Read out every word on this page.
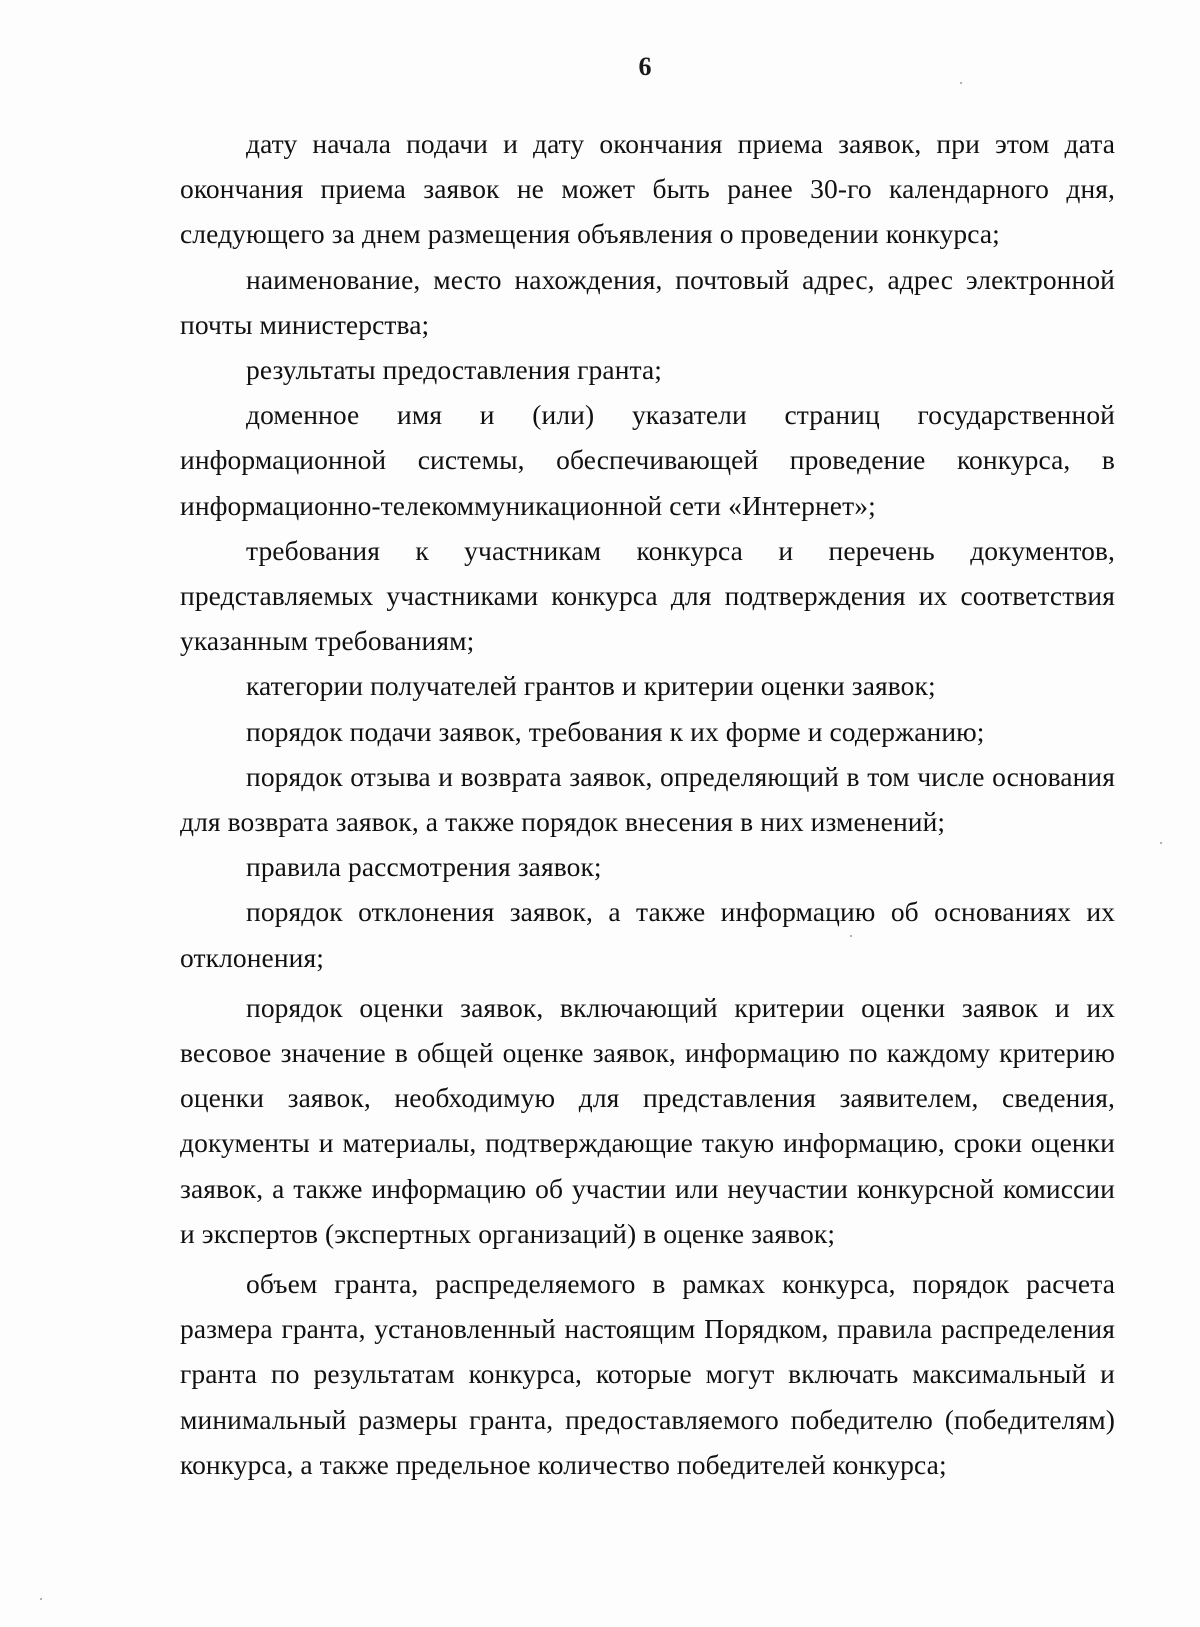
6

дату начала подачи и дату окончания приема заявок, при этом дата окончания приема заявок не может быть ранее 30-го календарного дня, следующего за днем размещения объявления о проведении конкурса;

наименование, место нахождения, почтовый адрес, адрес электронной почты министерства;

результаты предоставления гранта;

доменное имя и (или) указатели страниц государственной информационной системы, обеспечивающей проведение конкурса, в информационно-телекоммуникационной сети «Интернет»;

требования к участникам конкурса и перечень документов, представляемых участниками конкурса для подтверждения их соответствия указанным требованиям;

категории получателей грантов и критерии оценки заявок;

порядок подачи заявок, требования к их форме и содержанию;

порядок отзыва и возврата заявок, определяющий в том числе основания для возврата заявок, а также порядок внесения в них изменений;

правила рассмотрения заявок;

порядок отклонения заявок, а также информацию об основаниях их отклонения;

порядок оценки заявок, включающий критерии оценки заявок и их весовое значение в общей оценке заявок, информацию по каждому критерию оценки заявок, необходимую для представления заявителем, сведения, документы и материалы, подтверждающие такую информацию, сроки оценки заявок, а также информацию об участии или неучастии конкурсной комиссии и экспертов (экспертных организаций) в оценке заявок;

объем гранта, распределяемого в рамках конкурса, порядок расчета размера гранта, установленный настоящим Порядком, правила распределения гранта по результатам конкурса, которые могут включать максимальный и минимальный размеры гранта, предоставляемого победителю (победителям) конкурса, а также предельное количество победителей конкурса;
